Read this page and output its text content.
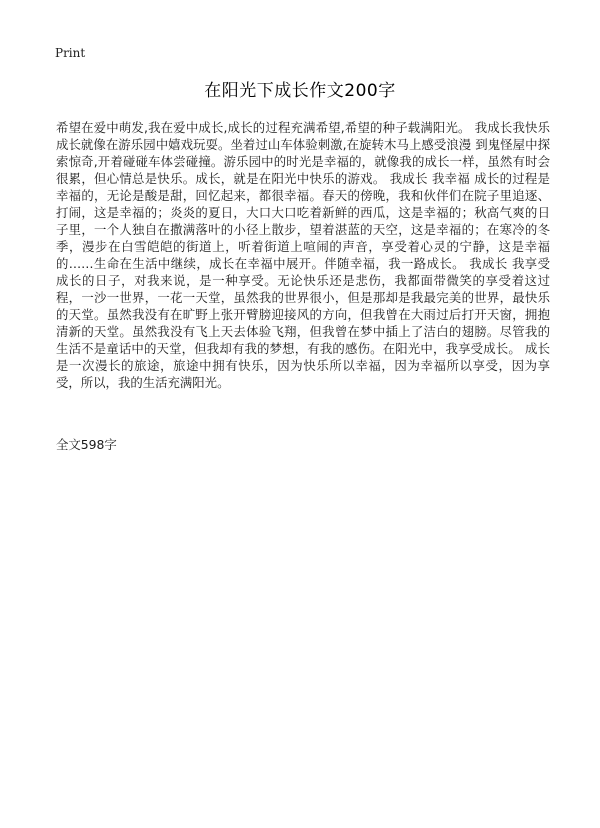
Print
在阳光下成长作文200字

希望在爱中萌发,我在爱中成长,成长的过程充满希望,希望的种子载满阳光。 我成长我快乐 成长就像在游乐园中嬉戏玩耍。坐着过山车体验刺激,在旋转木马上感受浪漫 到鬼怪屋中探索惊奇,开着碰碰车体尝碰撞。游乐园中的时光是幸福的，就像我的成长一样，虽然有时会很累，但心情总是快乐。成长，就是在阳光中快乐的游戏。 我成长 我幸福 成长的过程是幸福的，无论是酸是甜，回忆起来，都很幸福。春天的傍晚，我和伙伴们在院子里追逐、打闹，这是幸福的；炎炎的夏日，大口大口吃着新鲜的西瓜，这是幸福的；秋高气爽的日子里，一个人独自在撒满落叶的小径上散步，望着湛蓝的天空，这是幸福的；在寒冷的冬季，漫步在白雪皑皑的街道上，听着街道上喧闹的声音，享受着心灵的宁静，这是幸福的……生命在生活中继续，成长在幸福中展开。伴随幸福，我一路成长。 我成长 我享受 成长的日子，对我来说，是一种享受。无论快乐还是悲伤，我都面带微笑的享受着这过程，一沙一世界，一花一天堂，虽然我的世界很小，但是那却是我最完美的世界，最快乐的天堂。虽然我没有在旷野上张开臂膀迎接风的方向，但我曾在大雨过后打开天窗，拥抱清新的天堂。虽然我没有飞上天去体验飞翔，但我曾在梦中插上了洁白的翅膀。尽管我的生活不是童话中的天堂，但我却有我的梦想，有我的感伤。在阳光中，我享受成长。 成长是一次漫长的旅途，旅途中拥有快乐，因为快乐所以幸福，因为幸福所以享受，因为享受，所以，我的生活充满阳光。

全文598字
